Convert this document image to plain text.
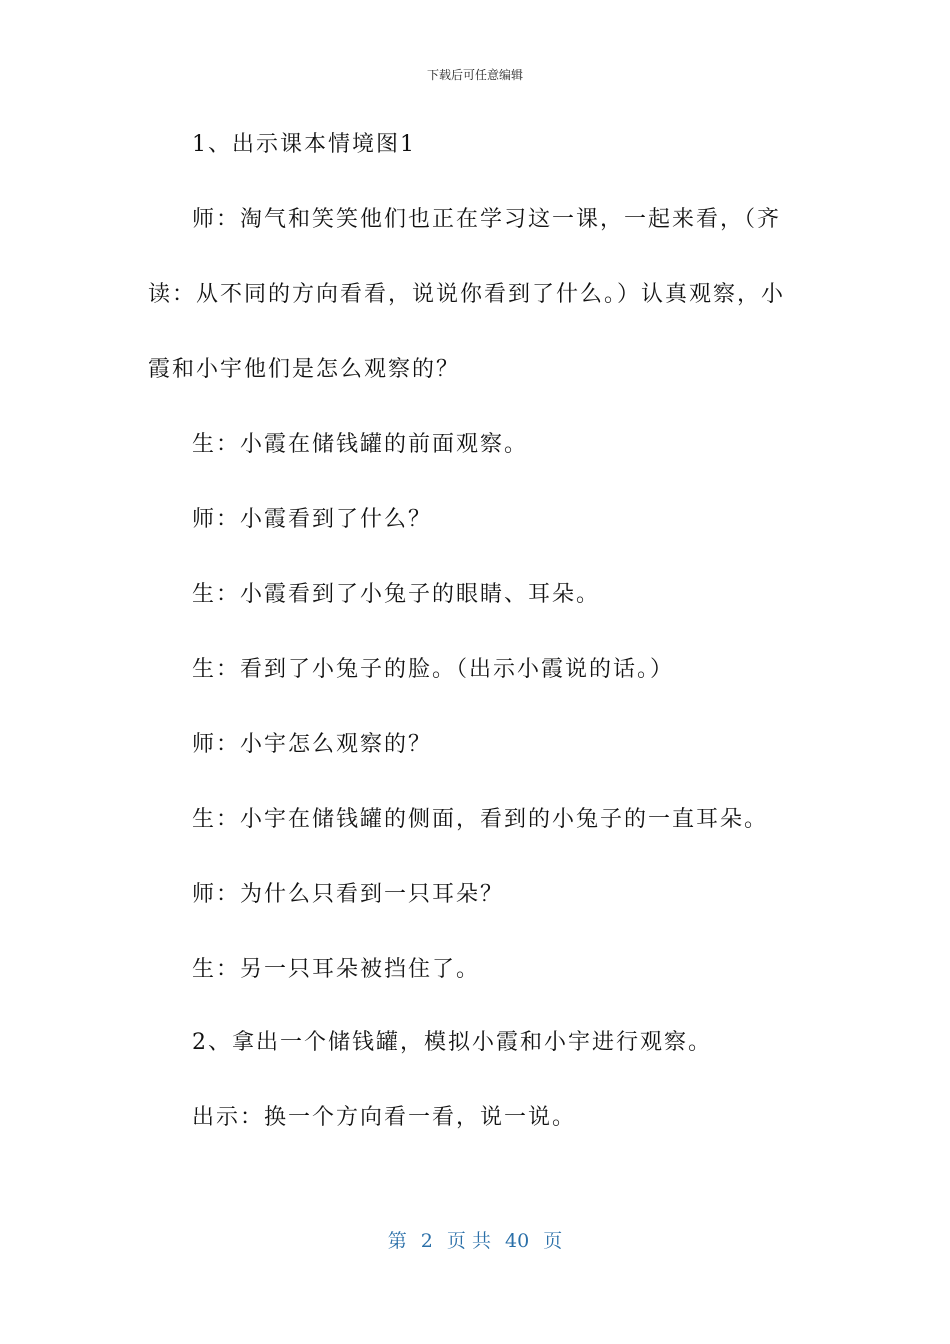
下载后可任意编辑
1、出示课本情境图1
师：淘气和笑笑他们也正在学习这一课，一起来看，（齐
读：从不同的方向看看，说说你看到了什么。）认真观察，小
霞和小宇他们是怎么观察的？
生：小霞在储钱罐的前面观察。
师：小霞看到了什么？
生：小霞看到了小兔子的眼睛、耳朵。
生：看到了小兔子的脸。（出示小霞说的话。）
师：小宇怎么观察的？
生：小宇在储钱罐的侧面，看到的小兔子的一直耳朵。
师：为什么只看到一只耳朵？
生：另一只耳朵被挡住了。
2、拿出一个储钱罐，模拟小霞和小宇进行观察。
出示：换一个方向看一看，说一说。
第 2 页 共 40 页
